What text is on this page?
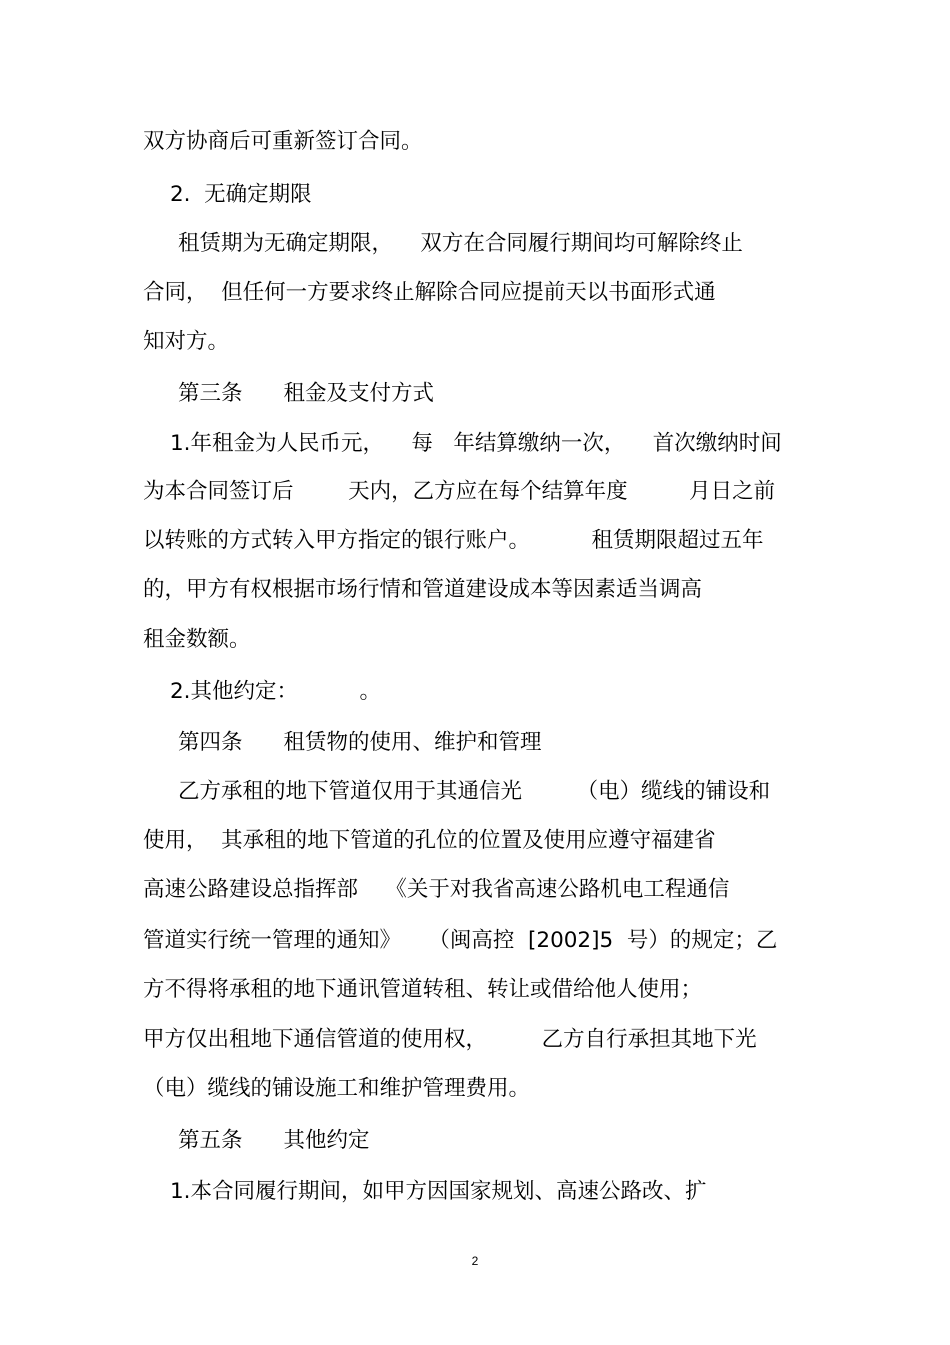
双方协商后可重新签订合同。
2.  无确定期限
租赁期为无确定期限，    双方在合同履行期间均可解除终止
合同，  但任何一方要求终止解除合同应提前天以书面形式通
知对方。
第三条      租金及支付方式
1.年租金为人民币元，    每   年结算缴纳一次，    首次缴纳时间
为本合同签订后        天内，乙方应在每个结算年度         月日之前
以转账的方式转入甲方指定的银行账户。         租赁期限超过五年
的，甲方有权根据市场行情和管道建设成本等因素适当调高
租金数额。
2.其他约定：         。
第四条      租赁物的使用、维护和管理
乙方承租的地下管道仅用于其通信光        （电）缆线的铺设和
使用，  其承租的地下管道的孔位的位置及使用应遵守福建省
高速公路建设总指挥部    《关于对我省高速公路机电工程通信
管道实行统一管理的通知》    （闽高控  [2002]5  号）的规定；乙
方不得将承租的地下通讯管道转租、转让或借给他人使用；
甲方仅出租地下通信管道的使用权，        乙方自行承担其地下光
（电）缆线的铺设施工和维护管理费用。
第五条      其他约定
1.本合同履行期间，如甲方因国家规划、高速公路改、扩
2
